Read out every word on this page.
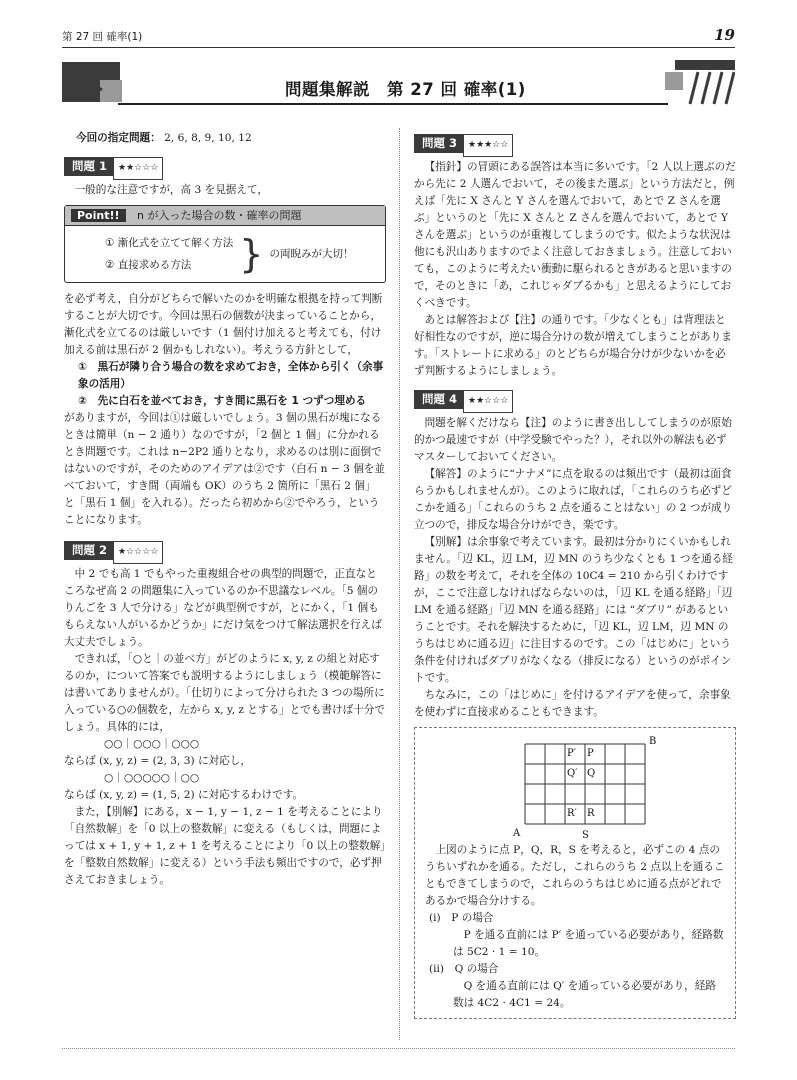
第 27 回 確率(1)	19
問題集解説　第 27 回 確率(1)
今回の指定問題： 2, 6, 8, 9, 10, 12
問題 1 ★★☆☆☆

一般的な注意ですが，高 3 を見据えて，

Point!! n が入った場合の数・確率の問題
① 漸化式を立てて解く方法
② 直接求める方法	} の両睨みが大切！

を必ず考え，自分がどちらで解いたのかを明確な根拠を持って判断することが大切です。今回は黒石の個数が決まっていることから，漸化式を立てるのは厳しいです（1 個付け加えると考えても，付け加える前は黒石が 2 個かもしれない）。考えうる方針として，

①　黒石が隣り合う場合の数を求めておき，全体から引く（余事象の活用）
②　先に白石を並べておき，すき間に黒石を 1 つずつ埋める

がありますが，今回は①は厳しいでしょう。3 個の黒石が塊になるときは簡単（n − 2 通り）なのですが，「2 個と 1 個」に分かれるとき問題です。これは n−2P2 通りとなり，求めるのは別に面倒ではないのですが，そのためのアイデアは②です（白石 n − 3 個を並べておいて，すき間（両端も OK）のうち 2 箇所に「黒石 2 個」と「黒石 1 個」を入れる）。だったら初めから②でやろう，ということになります。

問題 2 ★☆☆☆☆

中 2 でも高 1 でもやった重複組合せの典型的問題で，正直なところなぜ高 2 の問題集に入っているのか不思議なレベル。「5 個のりんごを 3 人で分ける」などが典型例ですが，とにかく，「1 個ももらえない人がいるかどうか」にだけ気をつけて解法選択を行えば大丈夫でしょう。

できれば，「○と｜の並べ方」がどのように x, y, z の組と対応するのか，について答案でも説明するようにしましょう（模範解答には書いてありませんが）。「仕切りによって分けられた 3 つの場所に入っている○の個数を，左から x, y, z とする」とでも書けば十分でしょう。具体的には，

○○｜○○○｜○○○

ならば (x, y, z) = (2, 3, 3) に対応し，

○｜○○○○○｜○○

ならば (x, y, z) = (1, 5, 2) に対応するわけです。

また，【別解】にある，x − 1, y − 1, z − 1 を考えることにより「自然数解」を「0 以上の整数解」に変える（もしくは，問題によっては x + 1, y + 1, z + 1 を考えることにより「0 以上の整数解」を「整数自然数解」に変える）という手法も頻出ですので，必ず押さえておきましょう。

問題 3 ★★★☆☆

【指針】の冒頭にある誤答は本当に多いです。「2 人以上選ぶのだから先に 2 人選んでおいて，その後また選ぶ」という方法だと，例えば「先に X さんと Y さんを選んでおいて，あとで Z さんを選ぶ」というのと「先に X さんと Z さんを選んでおいて，あとで Y さんを選ぶ」というのが重複してしまうのです。似たような状況は他にも沢山ありますのでよく注意しておきましょう。注意しておいても，このように考えたい衝動に駆られるときがあると思いますので，そのときに「あ，これじゃダブるかも」と思えるようにしておくべきです。

あとは解答および【注】の通りです。「少なくとも」は背理法と好相性なのですが，逆に場合分けの数が増えてしまうことがあります。「ストレートに求める」のとどちらが場合分けが少ないかを必ず判断するようにしましょう。

問題 4 ★★☆☆☆

問題を解くだけなら【注】のように書き出ししてしまうのが原始的かつ最速ですが（中学受験でやった？），それ以外の解法も必ずマスターしておいてください。

【解答】のように“ナナメ”に点を取るのは頻出です（最初は面食らうかもしれませんが）。このように取れば，「これらのうち必ずどこかを通る」「これらのうち 2 点を通ることはない」の 2 つが成り立つので，排反な場合分けができ，楽です。

【別解】は余事象で考えています。最初は分かりにくいかもしれません。「辺 KL，辺 LM，辺 MN のうち少なくとも 1 つを通る経路」の数を考えて，それを全体の 10C4 = 210 から引くわけですが，ここで注意しなければならないのは，「辺 KL を通る経路」「辺 LM を通る経路」「辺 MN を通る経路」には “ダブリ” があるということです。それを解決するために，「辺 KL，辺 LM，辺 MN のうちはじめに通る辺」に注目するのです。この「はじめに」という条件を付ければダブリがなくなる（排反になる）というのがポイントです。

ちなみに，この「はじめに」を付けるアイデアを使って，余事象を使わずに直接求めることもできます。

B
A	S
P′ P
Q′ Q
R′ R

上図のように点 P，Q，R，S を考えると，必ずこの 4 点のうちいずれかを通る。ただし，これらのうち 2 点以上を通ることもできてしまうので，これらのうちはじめに通る点がどれであるかで場合分けする。

(i)　P の場合
P を通る直前には P′ を通っている必要があり，経路数は 5C2 · 1 = 10。
(ii)　Q の場合
Q を通る直前には Q′ を通っている必要があり，経路数は 4C2 · 4C1 = 24。
